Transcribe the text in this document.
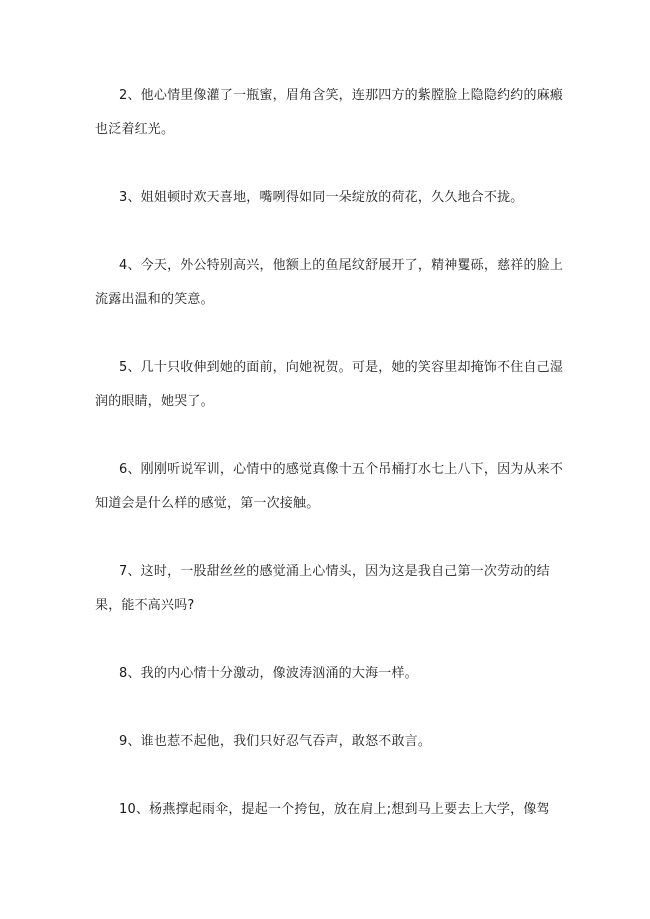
2、他心情里像灌了一瓶蜜，眉角含笑，连那四方的紫膛脸上隐隐约约的麻瘢也泛着红光。

3、姐姐顿时欢天喜地，嘴咧得如同一朵绽放的荷花，久久地合不拢。

4、今天，外公特别高兴，他额上的鱼尾纹舒展开了，精神矍砾，慈祥的脸上流露出温和的笑意。

5、几十只收伸到她的面前，向她祝贺。可是，她的笑容里却掩饰不住自己湿润的眼睛，她哭了。

6、刚刚听说军训，心情中的感觉真像十五个吊桶打水七上八下，因为从来不知道会是什么样的感觉，第一次接触。

7、这时，一股甜丝丝的感觉涌上心情头，因为这是我自己第一次劳动的结果，能不高兴吗?

8、我的内心情十分激动，像波涛汹涌的大海一样。

9、谁也惹不起他，我们只好忍气吞声，敢怒不敢言。

10、杨燕撑起雨伞，提起一个挎包，放在肩上;想到马上要去上大学，像驾
